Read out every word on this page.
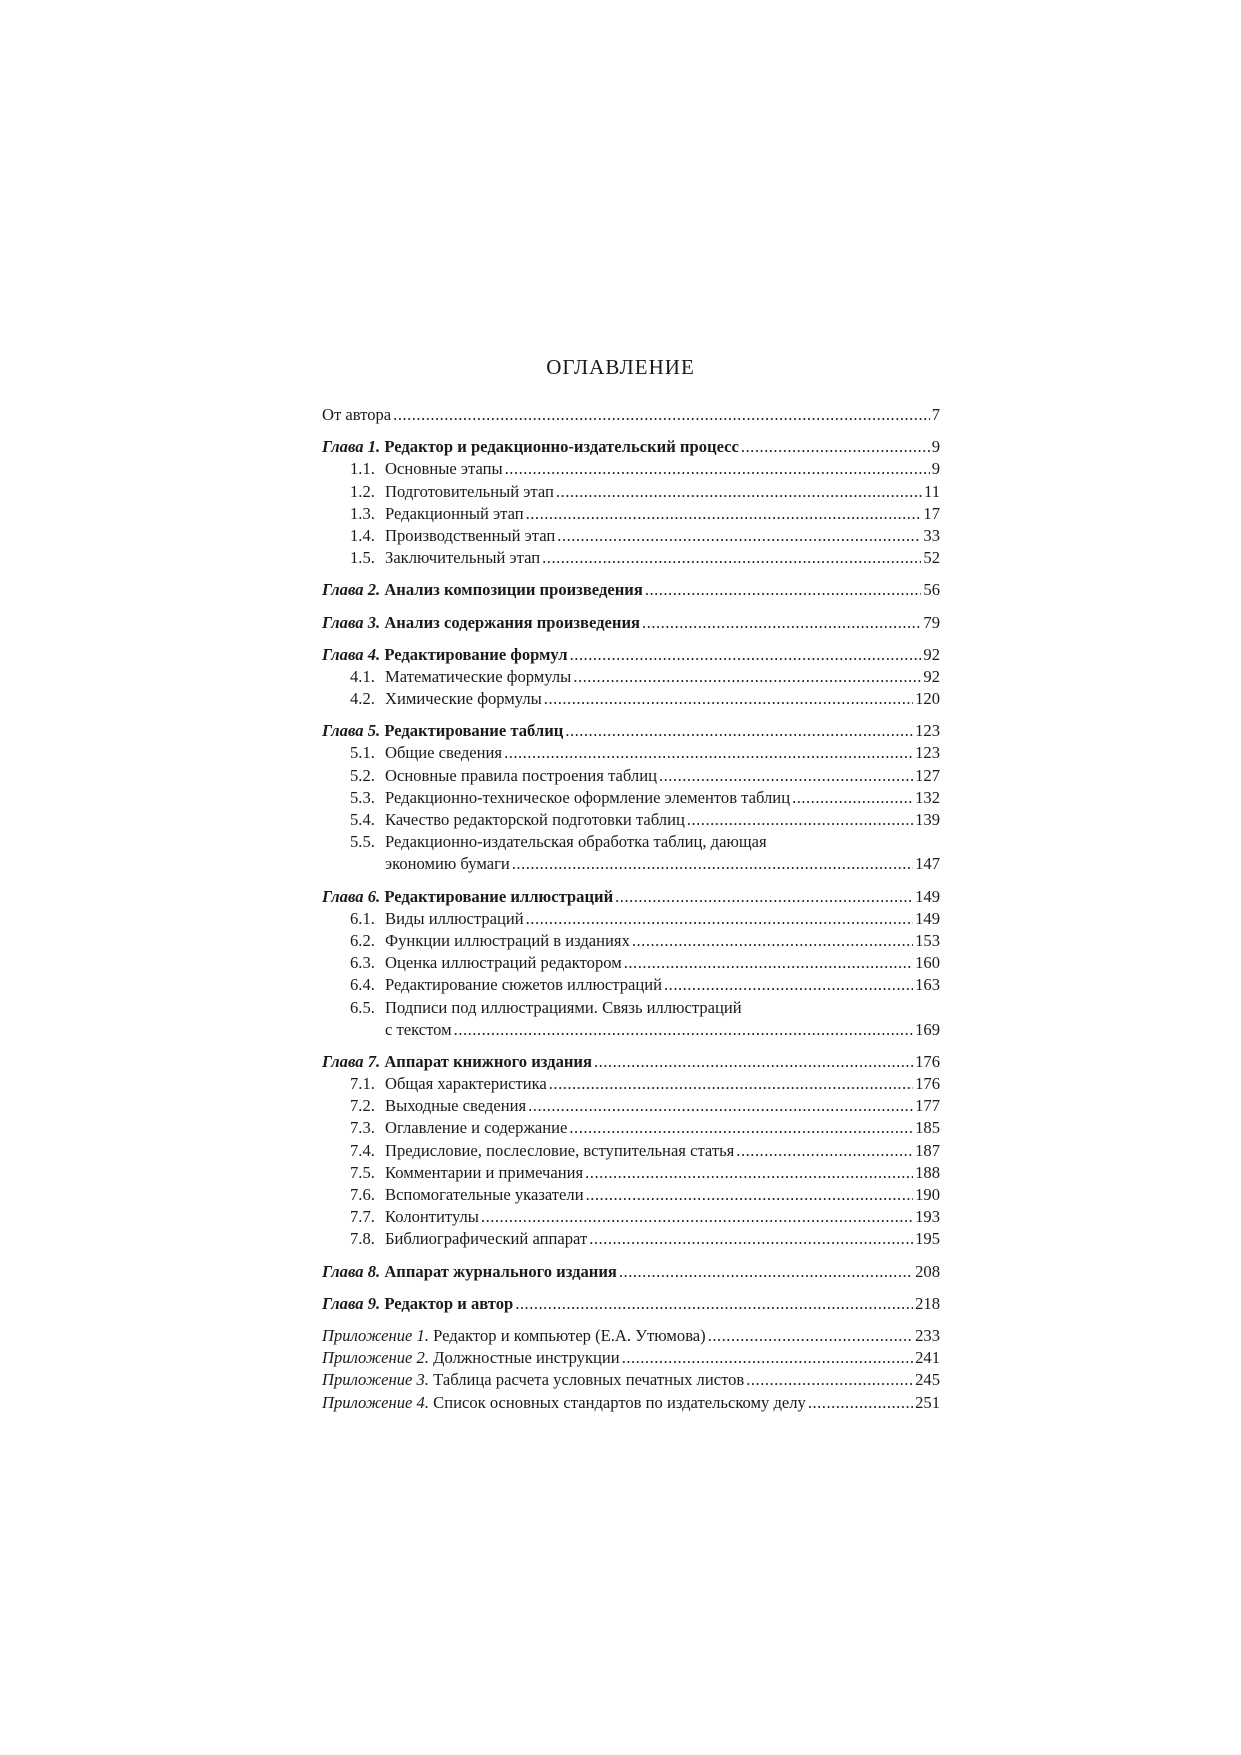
ОГЛАВЛЕНИЕ
От автора .....	7
Глава 1. Редактор и редакционно-издательский процесс .....	9
1.1. Основные этапы .....	9
1.2. Подготовительный этап .....	11
1.3. Редакционный этап .....	17
1.4. Производственный этап .....	33
1.5. Заключительный этап .....	52
Глава 2. Анализ композиции произведения .....	56
Глава 3. Анализ содержания произведения .....	79
Глава 4. Редактирование формул .....	92
4.1. Математические формулы .....	92
4.2. Химические формулы .....	120
Глава 5. Редактирование таблиц .....	123
5.1. Общие сведения .....	123
5.2. Основные правила построения таблиц .....	127
5.3. Редакционно-техническое оформление элементов таблиц .....	132
5.4. Качество редакторской подготовки таблиц .....	139
5.5. Редакционно-издательская обработка таблиц, дающая
экономию бумаги .....	147
Глава 6. Редактирование иллюстраций .....	149
6.1. Виды иллюстраций .....	149
6.2. Функции иллюстраций в изданиях .....	153
6.3. Оценка иллюстраций редактором .....	160
6.4. Редактирование сюжетов иллюстраций .....	163
6.5. Подписи под иллюстрациями. Связь иллюстраций
с текстом .....	169
Глава 7. Аппарат книжного издания .....	176
7.1. Общая характеристика .....	176
7.2. Выходные сведения .....	177
7.3. Оглавление и содержание .....	185
7.4. Предисловие, послесловие, вступительная статья .....	187
7.5. Комментарии и примечания .....	188
7.6. Вспомогательные указатели .....	190
7.7. Колонтитулы .....	193
7.8. Библиографический аппарат .....	195
Глава 8. Аппарат журнального издания .....	208
Глава 9. Редактор и автор .....	218
Приложение 1. Редактор и компьютер (Е.А. Утюмова) .....	233
Приложение 2. Должностные инструкции .....	241
Приложение 3. Таблица расчета условных печатных листов .....	245
Приложение 4. Список основных стандартов по издательскому делу .....	251
